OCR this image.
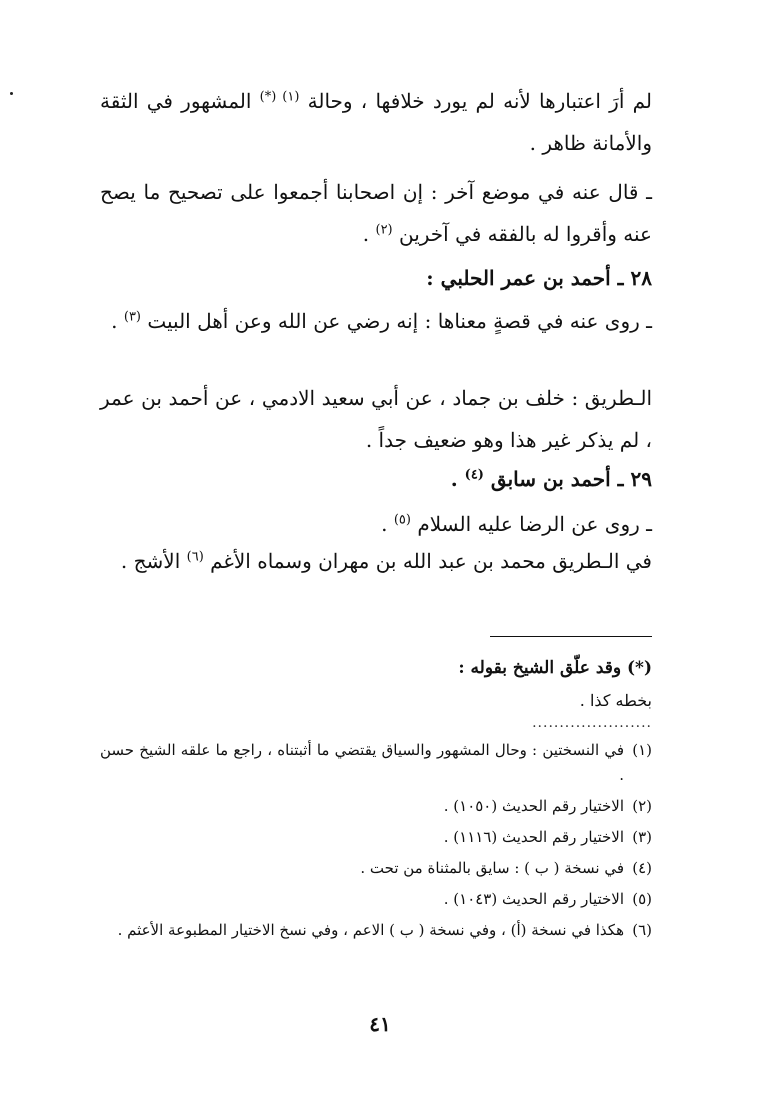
لم أرَ اعتبارها لأنه لم يورد خلافها ، وحالة $^{(١) (*)}$ المشهور في الثقة والأمانة ظاهر .
ـ قال عنه في موضع آخر : إن اصحابنا أجمعوا على تصحيح ما يصح عنه وأقروا له بالفقه في آخرين $^{(٢)}$ .
٢٨ ـ أحمد بن عمر الحلبي :
ـ روى عنه في قصةٍ معناها : إنه رضي عن الله وعن أهل البيت $^{(٣)}$ .
الـطريق : خلف بن جماد ، عن أبي سعيد الادمي ، عن أحمد بن عمر ، لم يذكر غير هذا وهو ضعيف جداً .
٢٩ ـ أحمد بن سابق $^{(٤)}$ .
ـ روى عن الرضا عليه السلام $^{(٥)}$ .
في الـطريق محمد بن عبد الله بن مهران وسماه الأغم $^{(٦)}$ الأشج .
(*) وقد علّق الشيخ بقوله :
بخطه كذا .
......................
(١)
في النسختين : وحال المشهور والسياق يقتضي ما أثبتناه ، راجع ما علقه الشيخ حسن .
(٢)
الاختيار رقم الحديث (١٠٥٠) .
(٣)
الاختيار رقم الحديث (١١١٦) .
(٤)
في نسخة ( ب ) : سايق بالمثناة من تحت .
(٥)
الاختيار رقم الحديث (١٠٤٣) .
(٦)
هكذا في نسخة (أ) ، وفي نسخة ( ب ) الاعم ، وفي نسخ الاختيار المطبوعة الأعثم .
٤١
